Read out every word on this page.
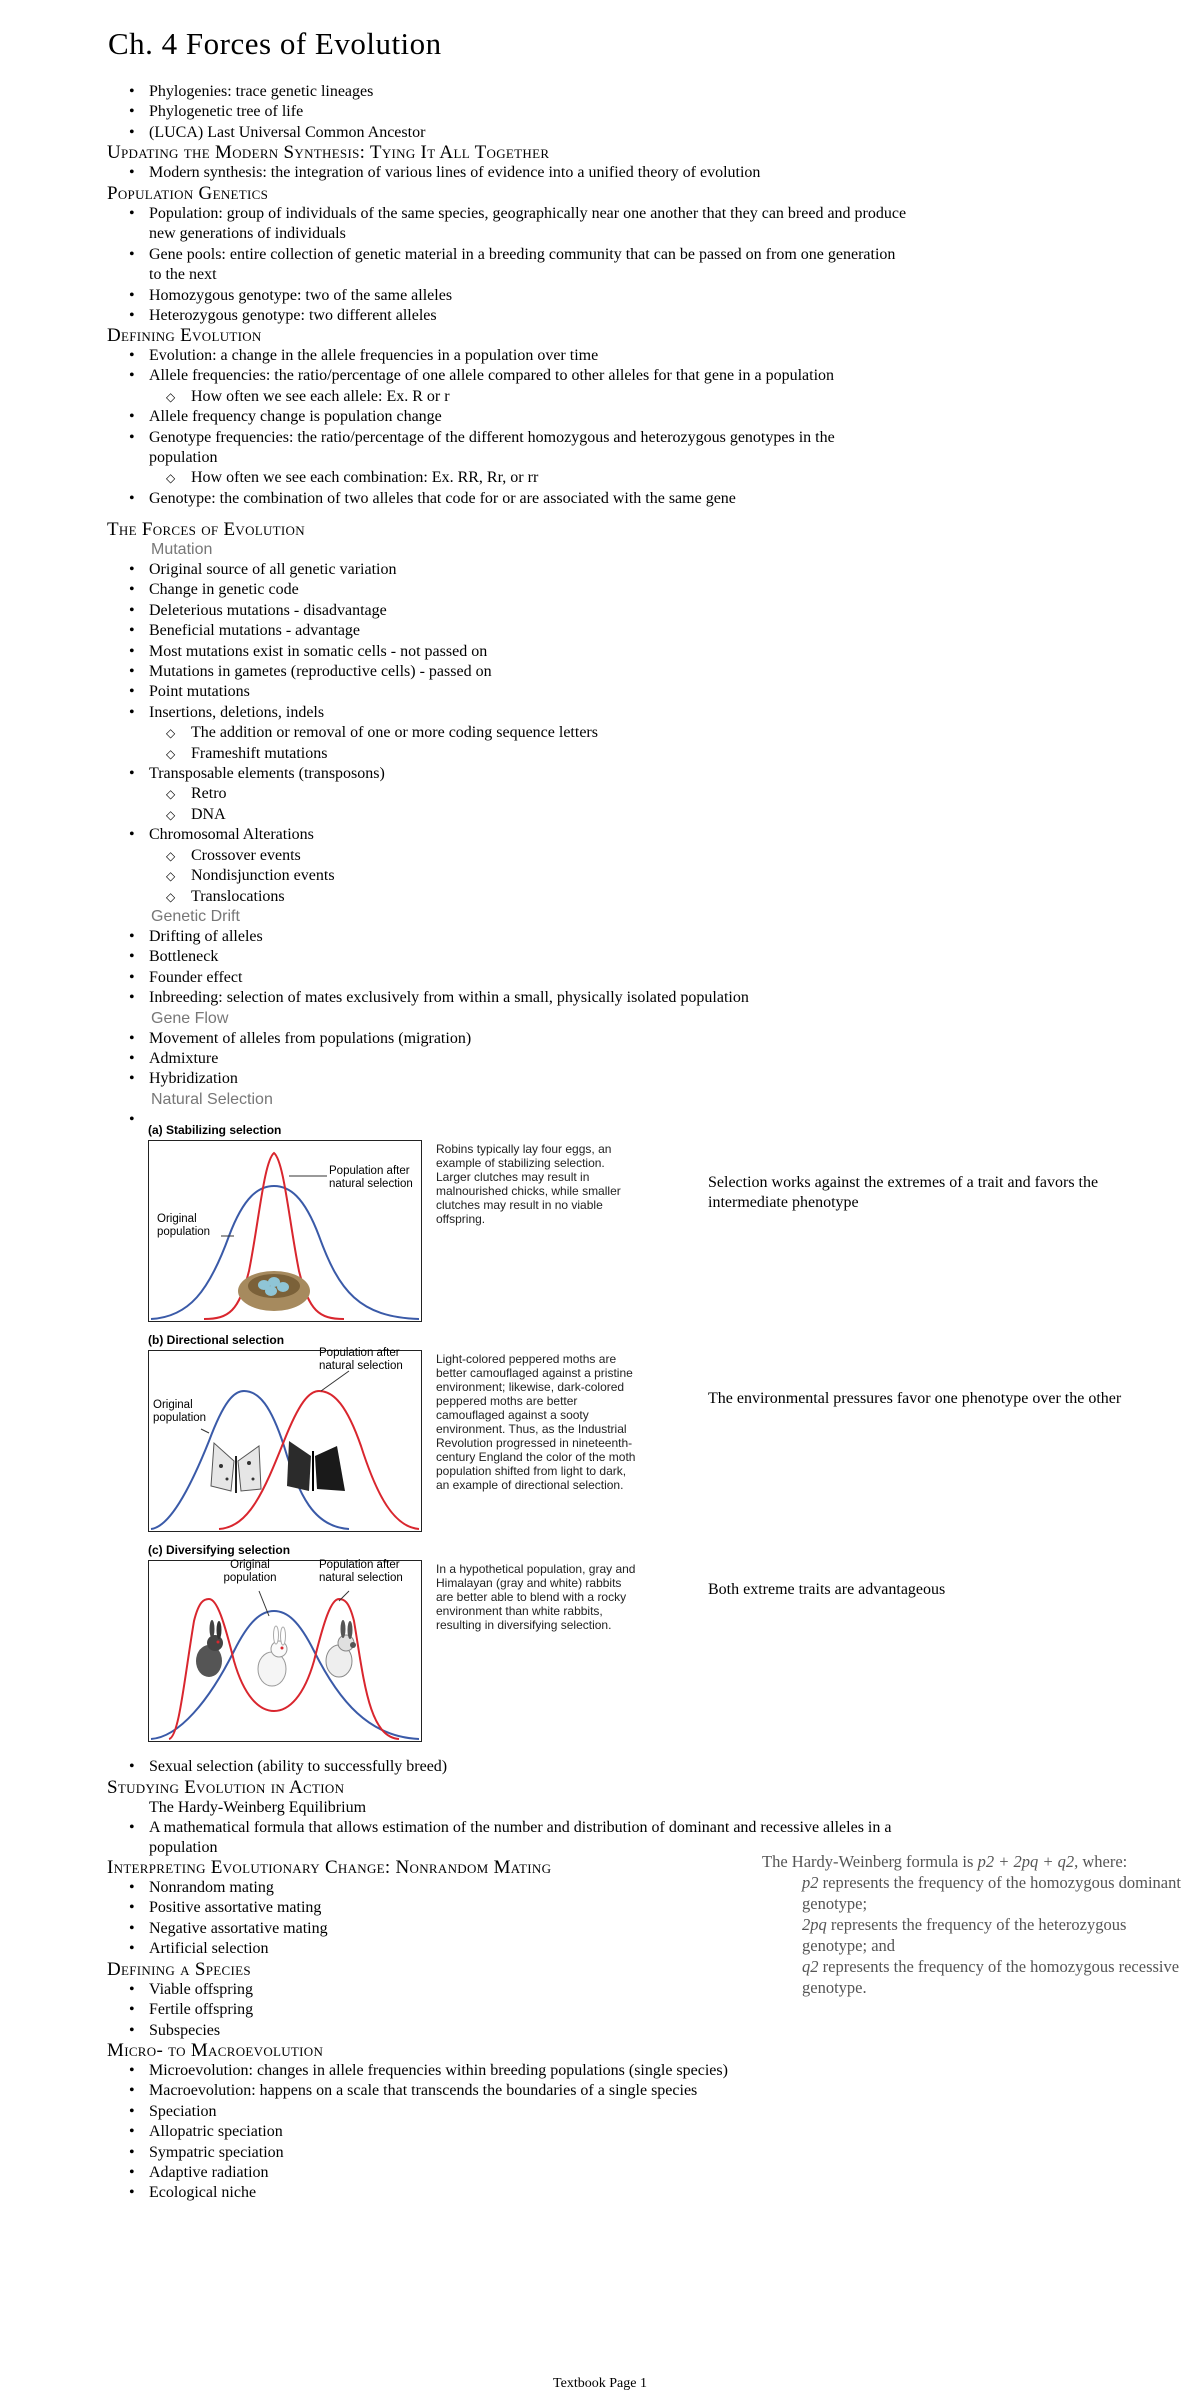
Ch. 4 Forces of Evolution
• Phylogenies: trace genetic lineages
• Phylogenetic tree of life
• (LUCA) Last Universal Common Ancestor
Updating the Modern Synthesis: Tying It All Together
• Modern synthesis: the integration of various lines of evidence into a unified theory of evolution
Population Genetics
• Population: group of individuals of the same species, geographically near one another that they can breed and produce new generations of individuals
• Gene pools: entire collection of genetic material in a breeding community that can be passed on from one generation to the next
• Homozygous genotype: two of the same alleles
• Heterozygous genotype: two different alleles
Defining Evolution
• Evolution: a change in the allele frequencies in a population over time
• Allele frequencies: the ratio/percentage of one allele compared to other alleles for that gene in a population
◇ How often we see each allele: Ex. R or r
• Allele frequency change is population change
• Genotype frequencies: the ratio/percentage of the different homozygous and heterozygous genotypes in the population
◇ How often we see each combination: Ex. RR, Rr, or rr
• Genotype: the combination of two alleles that code for or are associated with the same gene
The Forces of Evolution
Mutation
• Original source of all genetic variation
• Change in genetic code
• Deleterious mutations - disadvantage
• Beneficial mutations - advantage
• Most mutations exist in somatic cells - not passed on
• Mutations in gametes (reproductive cells) - passed on
• Point mutations
• Insertions, deletions, indels
◇ The addition or removal of one or more coding sequence letters
◇ Frameshift mutations
• Transposable elements (transposons)
◇ Retro
◇ DNA
• Chromosomal Alterations
◇ Crossover events
◇ Nondisjunction events
◇ Translocations
Genetic Drift
• Drifting of alleles
• Bottleneck
• Founder effect
• Inbreeding: selection of mates exclusively from within a small, physically isolated population
Gene Flow
• Movement of alleles from populations (migration)
• Admixture
• Hybridization
Natural Selection
•
(a) Stabilizing selection
Population after natural selection
Original population
Robins typically lay four eggs, an example of stabilizing selection. Larger clutches may result in malnourished chicks, while smaller clutches may result in no viable offspring.
(b) Directional selection
Population after natural selection
Original population
Light-colored peppered moths are better camouflaged against a pristine environment; likewise, dark-colored peppered moths are better camouflaged against a sooty environment. Thus, as the Industrial Revolution progressed in nineteenth-century England the color of the moth population shifted from light to dark, an example of directional selection.
(c) Diversifying selection
Original population
Population after natural selection
In a hypothetical population, gray and Himalayan (gray and white) rabbits are better able to blend with a rocky environment than white rabbits, resulting in diversifying selection.
Selection works against the extremes of a trait and favors the intermediate phenotype
The environmental pressures favor one phenotype over the other
Both extreme traits are advantageous
• Sexual selection (ability to successfully breed)
Studying Evolution in Action
The Hardy-Weinberg Equilibrium
• A mathematical formula that allows estimation of the number and distribution of dominant and recessive alleles in a population
Interpreting Evolutionary Change: Nonrandom Mating
• Nonrandom mating
• Positive assortative mating
• Negative assortative mating
• Artificial selection
Defining a Species
• Viable offspring
• Fertile offspring
• Subspecies
Micro- to Macroevolution
• Microevolution: changes in allele frequencies within breeding populations (single species)
• Macroevolution: happens on a scale that transcends the boundaries of a single species
• Speciation
• Allopatric speciation
• Sympatric speciation
• Adaptive radiation
• Ecological niche
The Hardy-Weinberg formula is p2 + 2pq + q2, where:
p2 represents the frequency of the homozygous dominant genotype;
2pq represents the frequency of the heterozygous genotype; and
q2 represents the frequency of the homozygous recessive genotype.
Textbook Page 1
